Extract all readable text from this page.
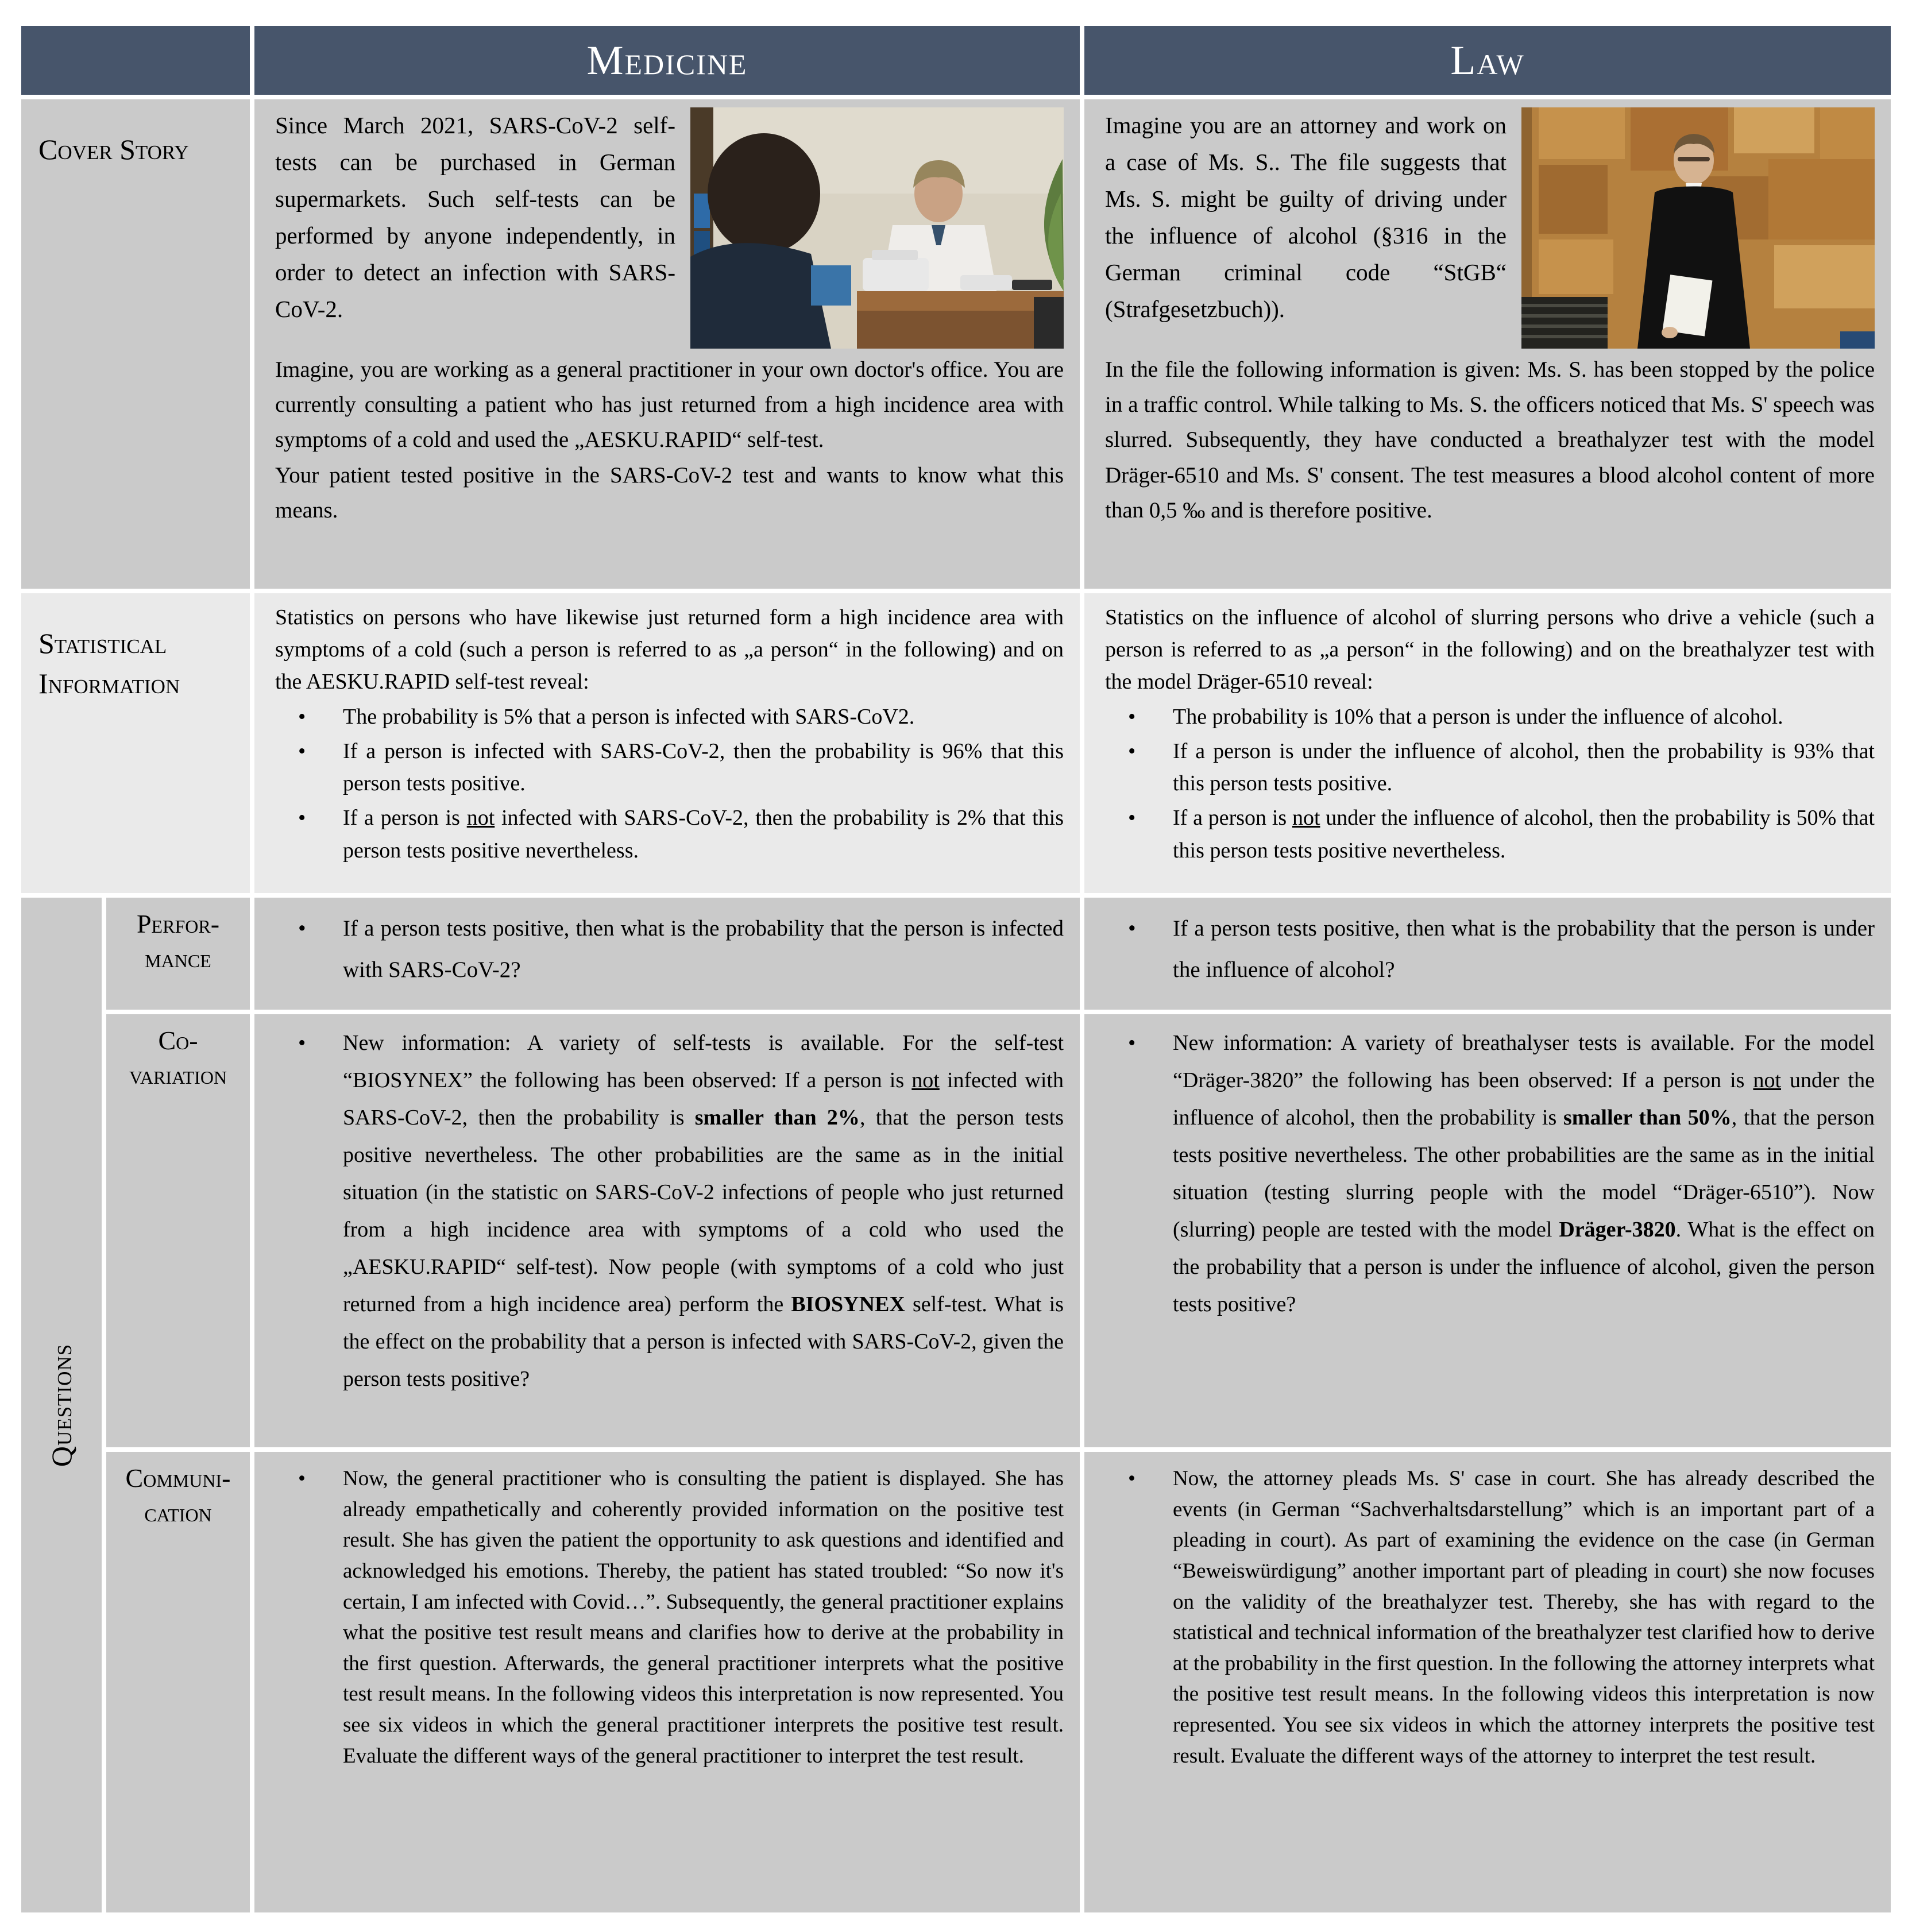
Medicine	Law
Cover Story
Since March 2021, SARS-CoV-2 self-tests can be purchased in German supermarkets. Such self-tests can be performed by anyone independently, in order to detect an infection with SARS-CoV-2.
Imagine, you are working as a general practitioner in your own doctor's office. You are currently consulting a patient who has just returned from a high incidence area with symptoms of a cold and used the „AESKU.RAPID“ self-test.
Your patient tested positive in the SARS-CoV-2 test and wants to know what this means.
Imagine you are an attorney and work on a case of Ms. S.. The file suggests that Ms. S. might be guilty of driving under the influence of alcohol (§316 in the German criminal code “StGB“ (Strafgesetzbuch)).
In the file the following information is given: Ms. S. has been stopped by the police in a traffic control. While talking to Ms. S. the officers noticed that Ms. S' speech was slurred. Subsequently, they have conducted a breathalyzer test with the model Dräger-6510 and Ms. S' consent. The test measures a blood alcohol content of more than 0,5 ‰ and is therefore positive.
Statistical
Information
Statistics on persons who have likewise just returned form a high incidence area with symptoms of a cold (such a person is referred to as „a person“ in the following) and on the AESKU.RAPID self-test reveal:
• The probability is 5% that a person is infected with SARS-CoV2.
• If a person is infected with SARS-CoV-2, then the probability is 96% that this person tests positive.
• If a person is not infected with SARS-CoV-2, then the probability is 2% that this person tests positive nevertheless.
Statistics on the influence of alcohol of slurring persons who drive a vehicle (such a person is referred to as „a person“ in the following) and on the breathalyzer test with the model Dräger-6510 reveal:
• The probability is 10% that a person is under the influence of alcohol.
• If a person is under the influence of alcohol, then the probability is 93% that this person tests positive.
• If a person is not under the influence of alcohol, then the probability is 50% that this person tests positive nevertheless.
Questions
Perfor-
mance
• If a person tests positive, then what is the probability that the person is infected with SARS-CoV-2?
• If a person tests positive, then what is the probability that the person is under the influence of alcohol?
Co-
variation
• New information: A variety of self-tests is available. For the self-test “BIOSYNEX” the following has been observed: If a person is not infected with SARS-CoV-2, then the probability is smaller than 2%, that the person tests positive nevertheless. The other probabilities are the same as in the initial situation (in the statistic on SARS-CoV-2 infections of people who just returned from a high incidence area with symptoms of a cold who used the „AESKU.RAPID“ self-test). Now people (with symptoms of a cold who just returned from a high incidence area) perform the BIOSYNEX self-test. What is the effect on the probability that a person is infected with SARS-CoV-2, given the person tests positive?
• New information: A variety of breathalyser tests is available. For the model “Dräger-3820” the following has been observed: If a person is not under the influence of alcohol, then the probability is smaller than 50%, that the person tests positive nevertheless. The other probabilities are the same as in the initial situation (testing slurring people with the model “Dräger-6510”). Now (slurring) people are tested with the model Dräger-3820. What is the effect on the probability that a person is under the influence of alcohol, given the person tests positive?
Communi-
cation
• Now, the general practitioner who is consulting the patient is displayed. She has already empathetically and coherently provided information on the positive test result. She has given the patient the opportunity to ask questions and identified and acknowledged his emotions. Thereby, the patient has stated troubled: “So now it's certain, I am infected with Covid…”. Subsequently, the general practitioner explains what the positive test result means and clarifies how to derive at the probability in the first question. Afterwards, the general practitioner interprets what the positive test result means. In the following videos this interpretation is now represented. You see six videos in which the general practitioner interprets the positive test result. Evaluate the different ways of the general practitioner to interpret the test result.
• Now, the attorney pleads Ms. S' case in court. She has already described the events (in German “Sachverhaltsdarstellung” which is an important part of a pleading in court). As part of examining the evidence on the case (in German “Beweiswürdigung” another important part of pleading in court) she now focuses on the validity of the breathalyzer test. Thereby, she has with regard to the statistical and technical information of the breathalyzer test clarified how to derive at the probability in the first question. In the following the attorney interprets what the positive test result means. In the following videos this interpretation is now represented. You see six videos in which the attorney interprets the positive test result. Evaluate the different ways of the attorney to interpret the test result.
